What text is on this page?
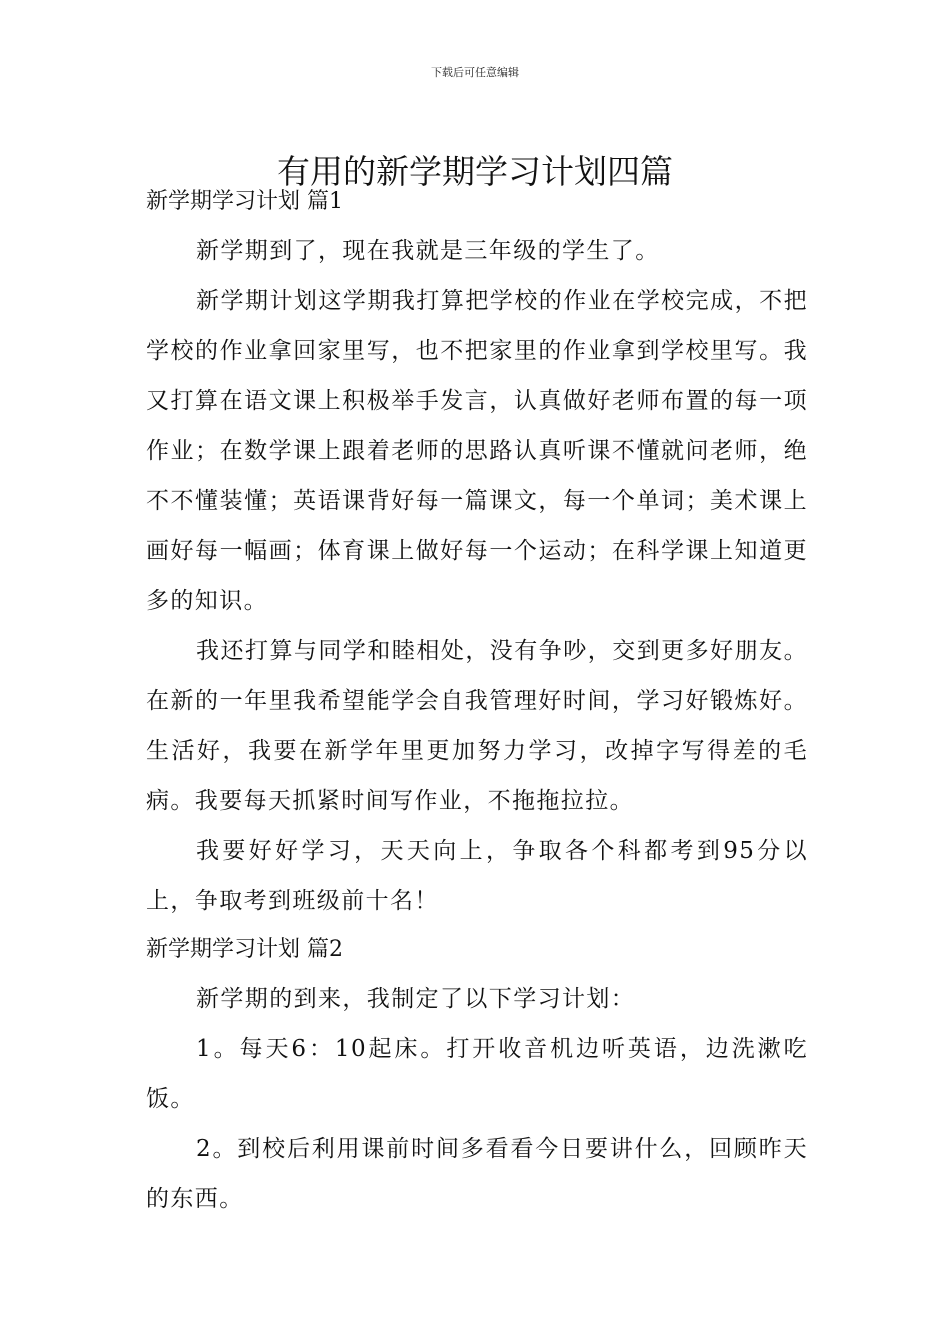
下载后可任意编辑
有用的新学期学习计划四篇

新学期学习计划 篇1

新学期到了，现在我就是三年级的学生了。

新学期计划这学期我打算把学校的作业在学校完成，不把学校的作业拿回家里写，也不把家里的作业拿到学校里写。我又打算在语文课上积极举手发言，认真做好老师布置的每一项作业；在数学课上跟着老师的思路认真听课不懂就问老师，绝不不懂装懂；英语课背好每一篇课文，每一个单词；美术课上画好每一幅画；体育课上做好每一个运动；在科学课上知道更多的知识。

我还打算与同学和睦相处，没有争吵，交到更多好朋友。在新的一年里我希望能学会自我管理好时间，学习好锻炼好。生活好，我要在新学年里更加努力学习，改掉字写得差的毛病。我要每天抓紧时间写作业，不拖拖拉拉。

我要好好学习，天天向上，争取各个科都考到95分以上，争取考到班级前十名！

新学期学习计划 篇2

新学期的到来，我制定了以下学习计划：

1。每天6：10起床。打开收音机边听英语，边洗漱吃饭。

2。到校后利用课前时间多看看今日要讲什么，回顾昨天的东西。
